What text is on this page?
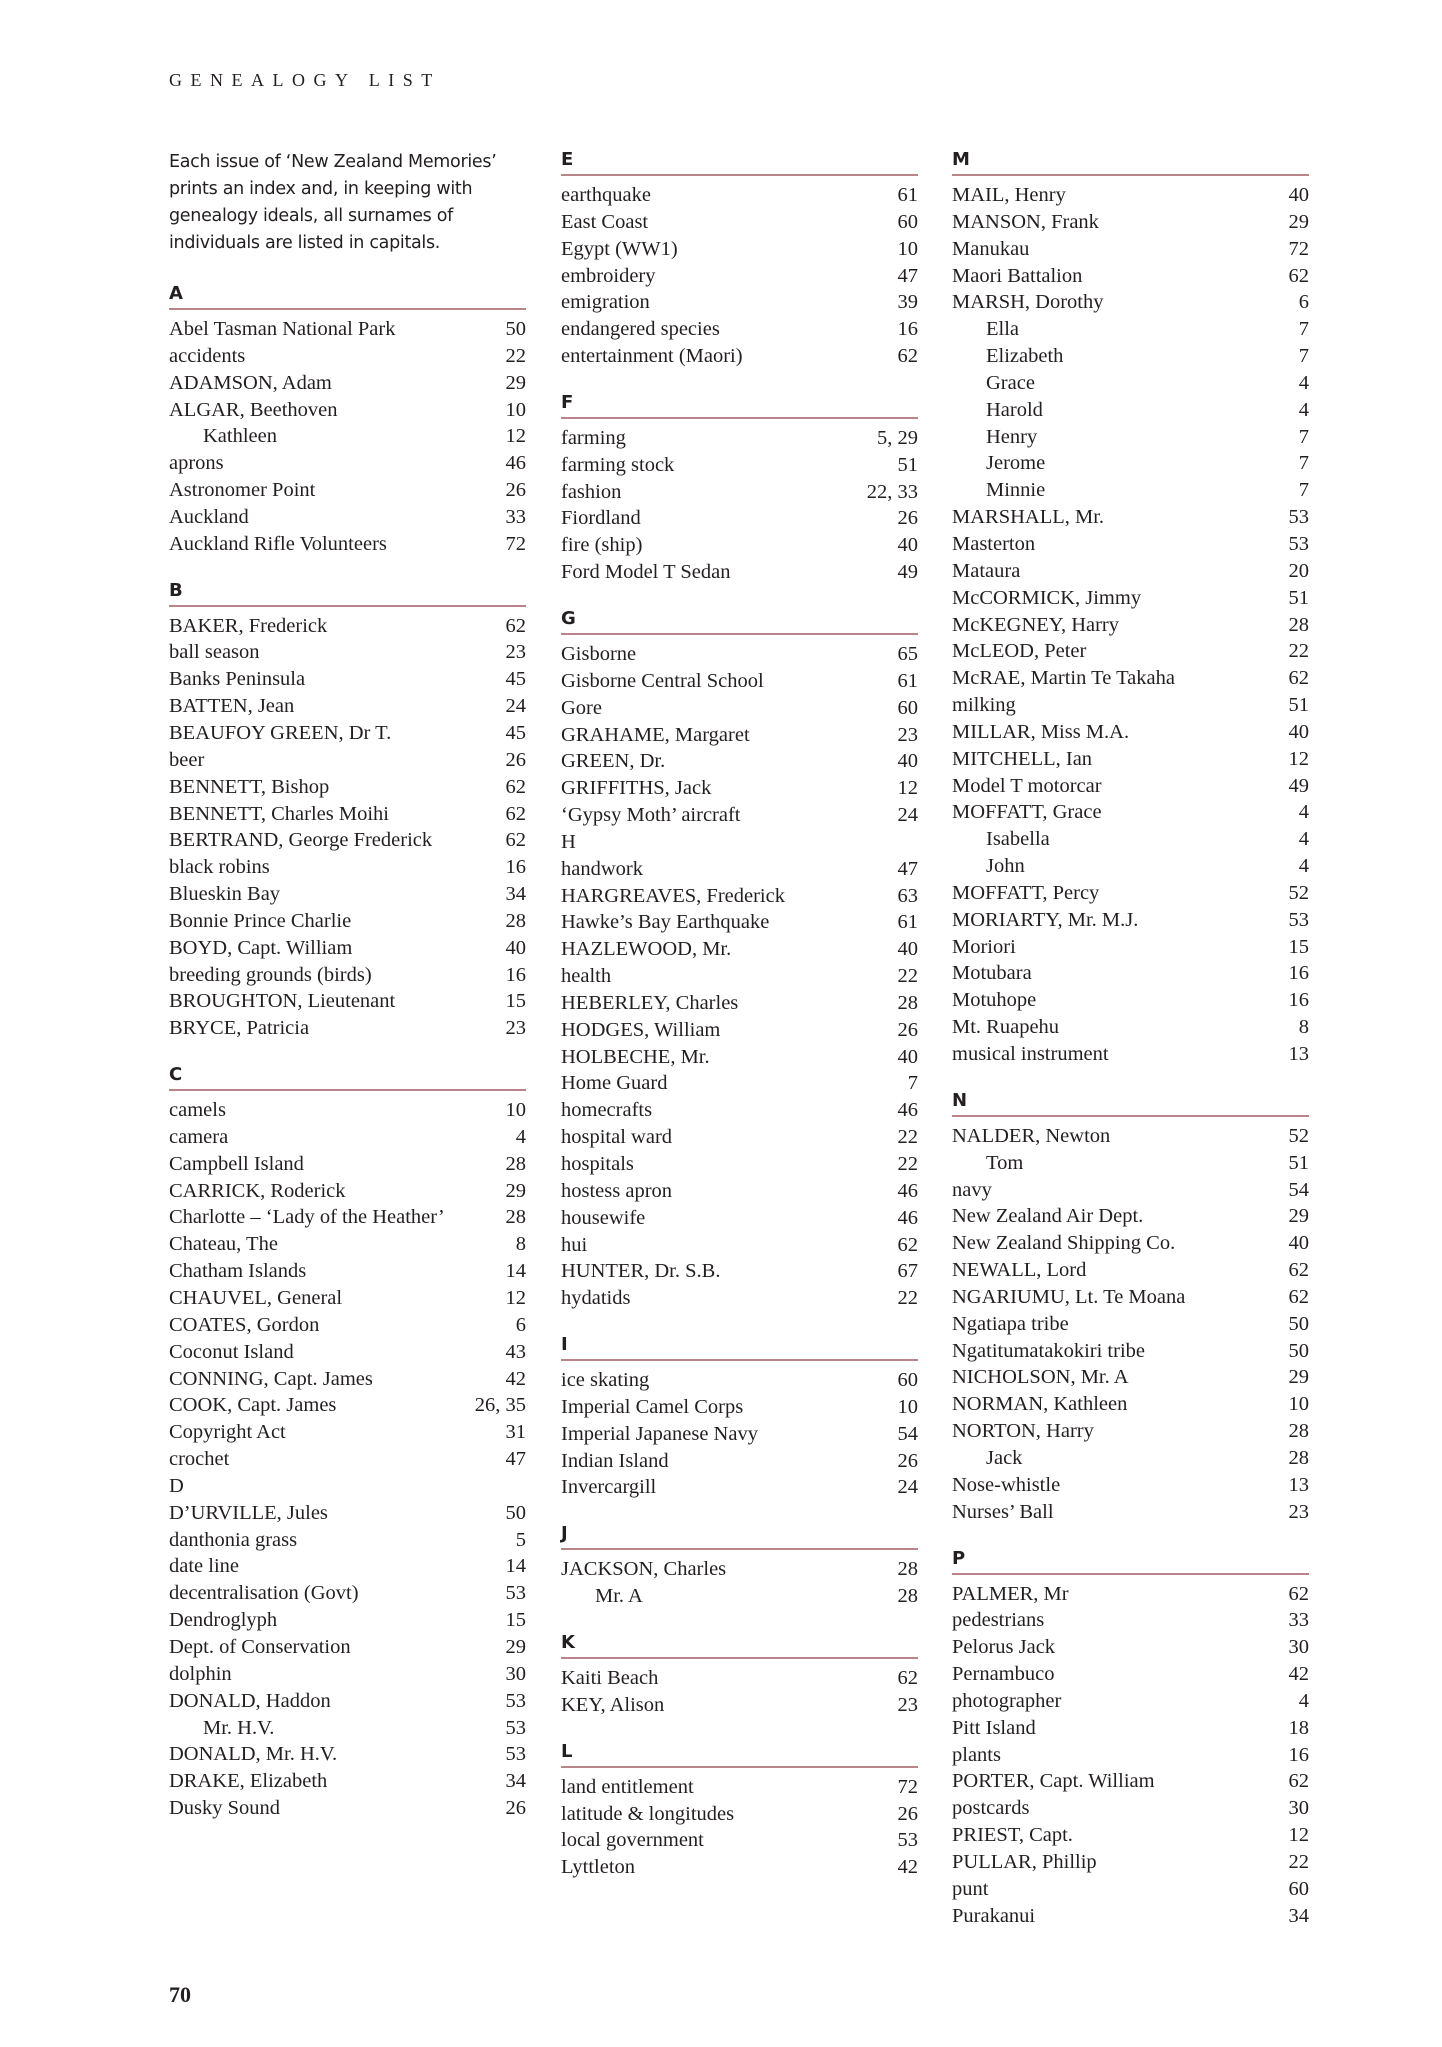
GENEALOGY LIST

Each issue of ‘New Zealand Memories’ prints an index and, in keeping with genealogy ideals, all surnames of individuals are listed in capitals.

A
Abel Tasman National Park	50
accidents	22
ADAMSON, Adam	29
ALGAR, Beethoven	10
Kathleen	12
aprons	46
Astronomer Point	26
Auckland	33
Auckland Rifle Volunteers	72
B
BAKER, Frederick	62
ball season	23
Banks Peninsula	45
BATTEN, Jean	24
BEAUFOY GREEN, Dr T.	45
beer	26
BENNETT, Bishop	62
BENNETT, Charles Moihi	62
BERTRAND, George Frederick	62
black robins	16
Blueskin Bay	34
Bonnie Prince Charlie	28
BOYD, Capt. William	40
breeding grounds (birds)	16
BROUGHTON, Lieutenant	15
BRYCE, Patricia	23
C
camels	10
camera	4
Campbell Island	28
CARRICK, Roderick	29
Charlotte – ‘Lady of the Heather’	28
Chateau, The	8
Chatham Islands	14
CHAUVEL, General	12
COATES, Gordon	6
Coconut Island	43
CONNING, Capt. James	42
COOK, Capt. James	26, 35
Copyright Act	31
crochet	47
D
D’URVILLE, Jules	50
danthonia grass	5
date line	14
decentralisation (Govt)	53
Dendroglyph	15
Dept. of Conservation	29
dolphin	30
DONALD, Haddon	53
Mr. H.V.	53
DONALD, Mr. H.V.	53
DRAKE, Elizabeth	34
Dusky Sound	26
E
earthquake	61
East Coast	60
Egypt (WW1)	10
embroidery	47
emigration	39
endangered species	16
entertainment (Maori)	62
F
farming	5, 29
farming stock	51
fashion	22, 33
Fiordland	26
fire (ship)	40
Ford Model T Sedan	49
G
Gisborne	65
Gisborne Central School	61
Gore	60
GRAHAME, Margaret	23
GREEN, Dr.	40
GRIFFITHS, Jack	12
‘Gypsy Moth’ aircraft	24
H
handwork	47
HARGREAVES, Frederick	63
Hawke’s Bay Earthquake	61
HAZLEWOOD, Mr.	40
health	22
HEBERLEY, Charles	28
HODGES, William	26
HOLBECHE, Mr.	40
Home Guard	7
homecrafts	46
hospital ward	22
hospitals	22
hostess apron	46
housewife	46
hui	62
HUNTER, Dr. S.B.	67
hydatids	22
I
ice skating	60
Imperial Camel Corps	10
Imperial Japanese Navy	54
Indian Island	26
Invercargill	24
J
JACKSON, Charles	28
Mr. A	28
K
Kaiti Beach	62
KEY, Alison	23
L
land entitlement	72
latitude & longitudes	26
local government	53
Lyttleton	42
M
MAIL, Henry	40
MANSON, Frank	29
Manukau	72
Maori Battalion	62
MARSH, Dorothy	6
Ella	7
Elizabeth	7
Grace	4
Harold	4
Henry	7
Jerome	7
Minnie	7
MARSHALL, Mr.	53
Masterton	53
Mataura	20
McCORMICK, Jimmy	51
McKEGNEY, Harry	28
McLEOD, Peter	22
McRAE, Martin Te Takaha	62
milking	51
MILLAR, Miss M.A.	40
MITCHELL, Ian	12
Model T motorcar	49
MOFFATT, Grace	4
Isabella	4
John	4
MOFFATT, Percy	52
MORIARTY, Mr. M.J.	53
Moriori	15
Motubara	16
Motuhope	16
Mt. Ruapehu	8
musical instrument	13
N
NALDER, Newton	52
Tom	51
navy	54
New Zealand Air Dept.	29
New Zealand Shipping Co.	40
NEWALL, Lord	62
NGARIUMU, Lt. Te Moana	62
Ngatiapa tribe	50
Ngatitumatakokiri tribe	50
NICHOLSON, Mr. A	29
NORMAN, Kathleen	10
NORTON, Harry	28
Jack	28
Nose-whistle	13
Nurses’ Ball	23
P
PALMER, Mr	62
pedestrians	33
Pelorus Jack	30
Pernambuco	42
photographer	4
Pitt Island	18
plants	16
PORTER, Capt. William	62
postcards	30
PRIEST, Capt.	12
PULLAR, Phillip	22
punt	60
Purakanui	34
70
